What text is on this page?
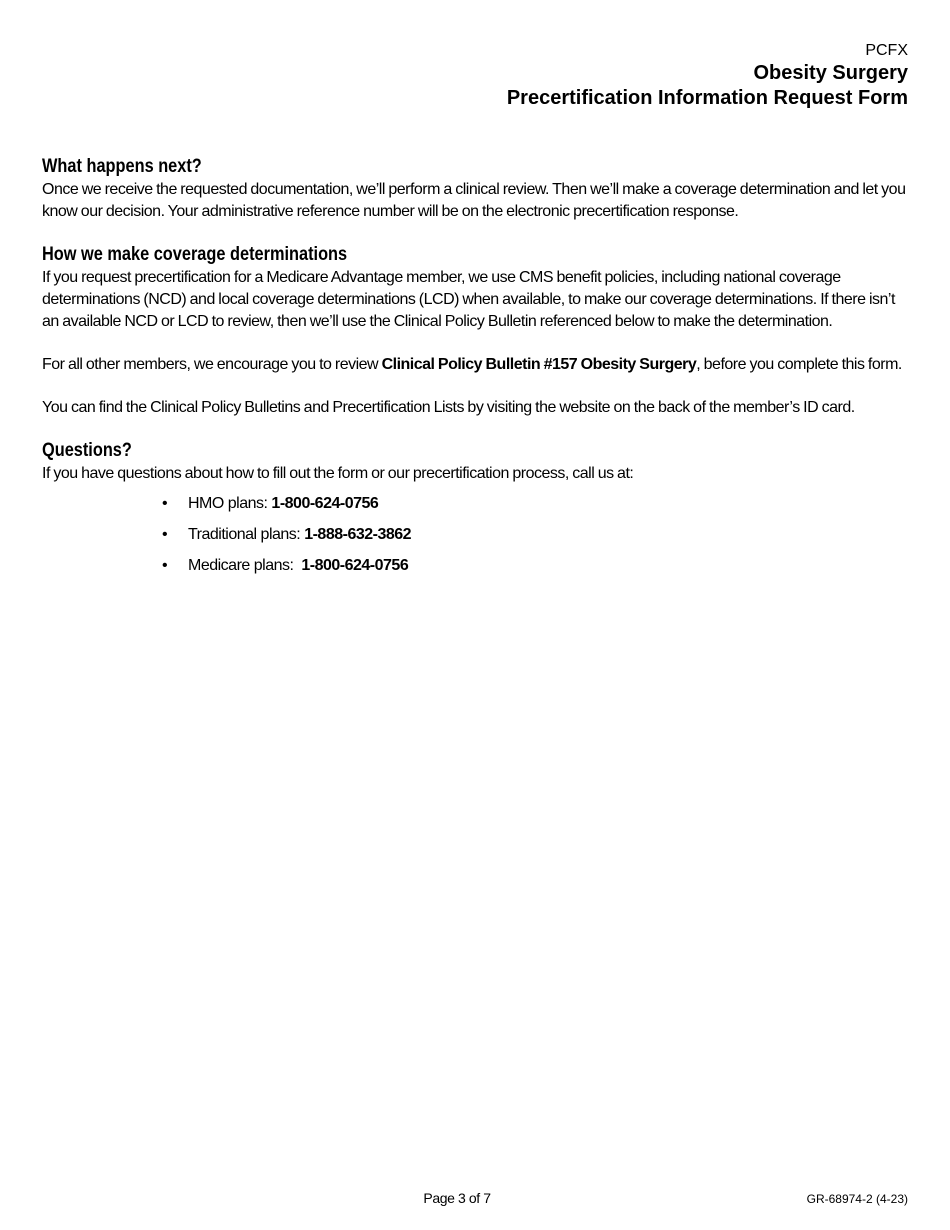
PCFX
Obesity Surgery
Precertification Information Request Form
What happens next?

Once we receive the requested documentation, we’ll perform a clinical review. Then we’ll make a coverage determination and let you know our decision. Your administrative reference number will be on the electronic precertification response.

How we make coverage determinations

If you request precertification for a Medicare Advantage member, we use CMS benefit policies, including national coverage determinations (NCD) and local coverage determinations (LCD) when available, to make our coverage determinations. If there isn’t an available NCD or LCD to review, then we’ll use the Clinical Policy Bulletin referenced below to make the determination.

For all other members, we encourage you to review Clinical Policy Bulletin #157 Obesity Surgery, before you complete this form.

You can find the Clinical Policy Bulletins and Precertification Lists by visiting the website on the back of the member’s ID card.

Questions?

If you have questions about how to fill out the form or our precertification process, call us at:

• HMO plans: 1-800-624-0756
• Traditional plans: 1-888-632-3862
• Medicare plans:  1-800-624-0756
Page 3 of 7	GR-68974-2 (4-23)
